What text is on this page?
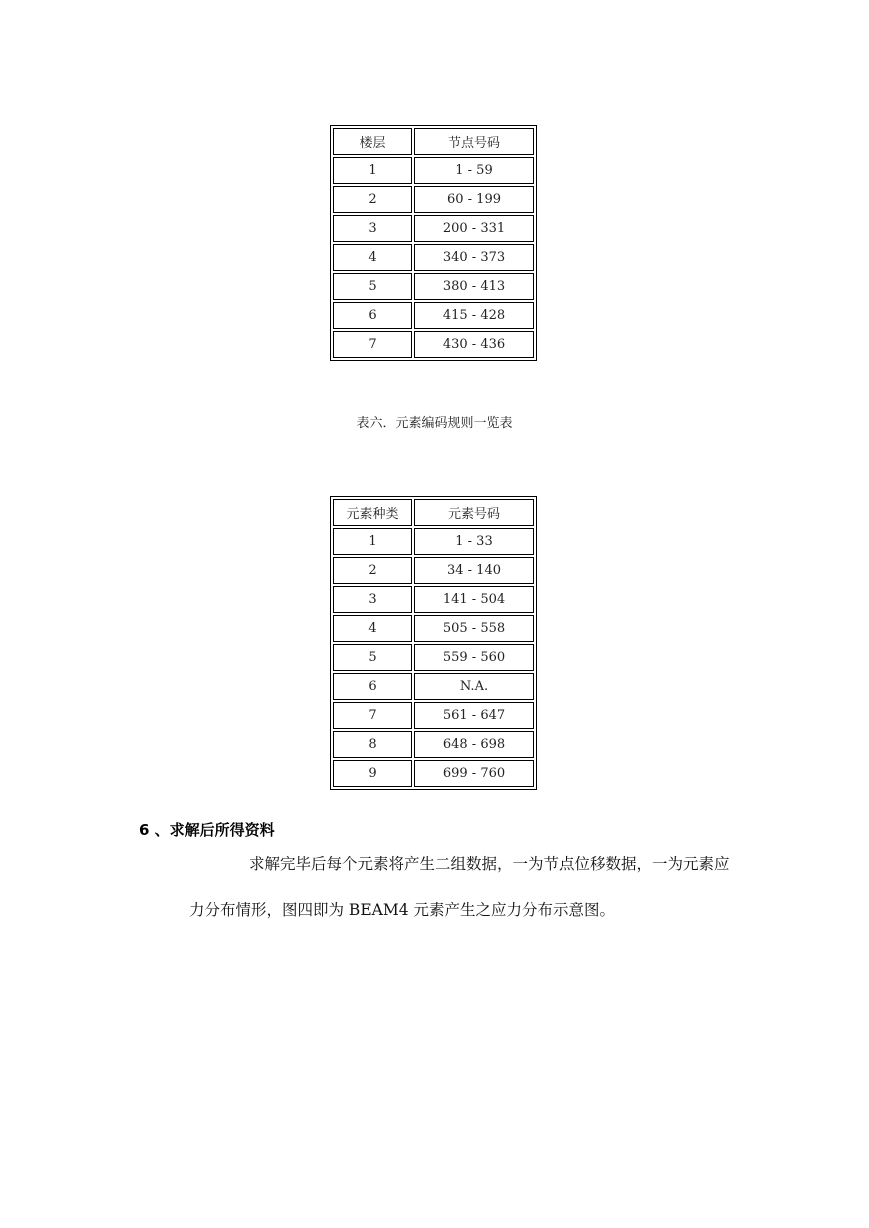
楼层	节点号码
1	1 - 59
2	60 - 199
3	200 - 331
4	340 - 373
5	380 - 413
6	415 - 428
7	430 - 436
表六．元素编码规则一览表
元素种类	元素号码
1	1 - 33
2	34 - 140
3	141 - 504
4	505 - 558
5	559 - 560
6	N.A.
7	561 - 647
8	648 - 698
9	699 - 760
6 、求解后所得资料
求解完毕后每个元素将产生二组数据，一为节点位移数据，一为元素应
力分布情形，图四即为 BEAM4 元素产生之应力分布示意图。
